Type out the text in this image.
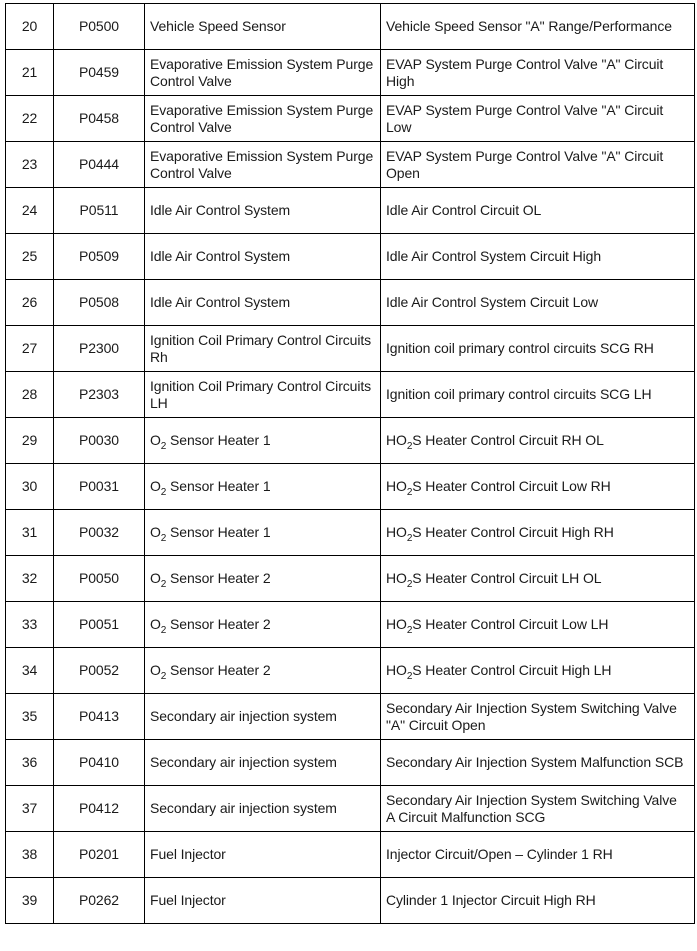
20	P0500	Vehicle Speed Sensor	Vehicle Speed Sensor "A" Range/Performance
21	P0459	Evaporative Emission System Purge Control Valve	EVAP System Purge Control Valve "A" Circuit High
22	P0458	Evaporative Emission System Purge Control Valve	EVAP System Purge Control Valve "A" Circuit Low
23	P0444	Evaporative Emission System Purge Control Valve	EVAP System Purge Control Valve "A" Circuit Open
24	P0511	Idle Air Control System	Idle Air Control Circuit OL
25	P0509	Idle Air Control System	Idle Air Control System Circuit High
26	P0508	Idle Air Control System	Idle Air Control System Circuit Low
27	P2300	Ignition Coil Primary Control Circuits Rh	Ignition coil primary control circuits SCG RH
28	P2303	Ignition Coil Primary Control Circuits LH	Ignition coil primary control circuits SCG LH
29	P0030	$O_2$ Sensor Heater 1	$HO_2S$ Heater Control Circuit RH OL
30	P0031	$O_2$ Sensor Heater 1	$HO_2S$ Heater Control Circuit Low RH
31	P0032	$O_2$ Sensor Heater 1	$HO_2S$ Heater Control Circuit High RH
32	P0050	$O_2$ Sensor Heater 2	$HO_2S$ Heater Control Circuit LH OL
33	P0051	$O_2$ Sensor Heater 2	$HO_2S$ Heater Control Circuit Low LH
34	P0052	$O_2$ Sensor Heater 2	$HO_2S$ Heater Control Circuit High LH
35	P0413	Secondary air injection system	Secondary Air Injection System Switching Valve "A" Circuit Open
36	P0410	Secondary air injection system	Secondary Air Injection System Malfunction SCB
37	P0412	Secondary air injection system	Secondary Air Injection System Switching Valve A Circuit Malfunction SCG
38	P0201	Fuel Injector	Injector Circuit/Open – Cylinder 1 RH
39	P0262	Fuel Injector	Cylinder 1 Injector Circuit High RH
